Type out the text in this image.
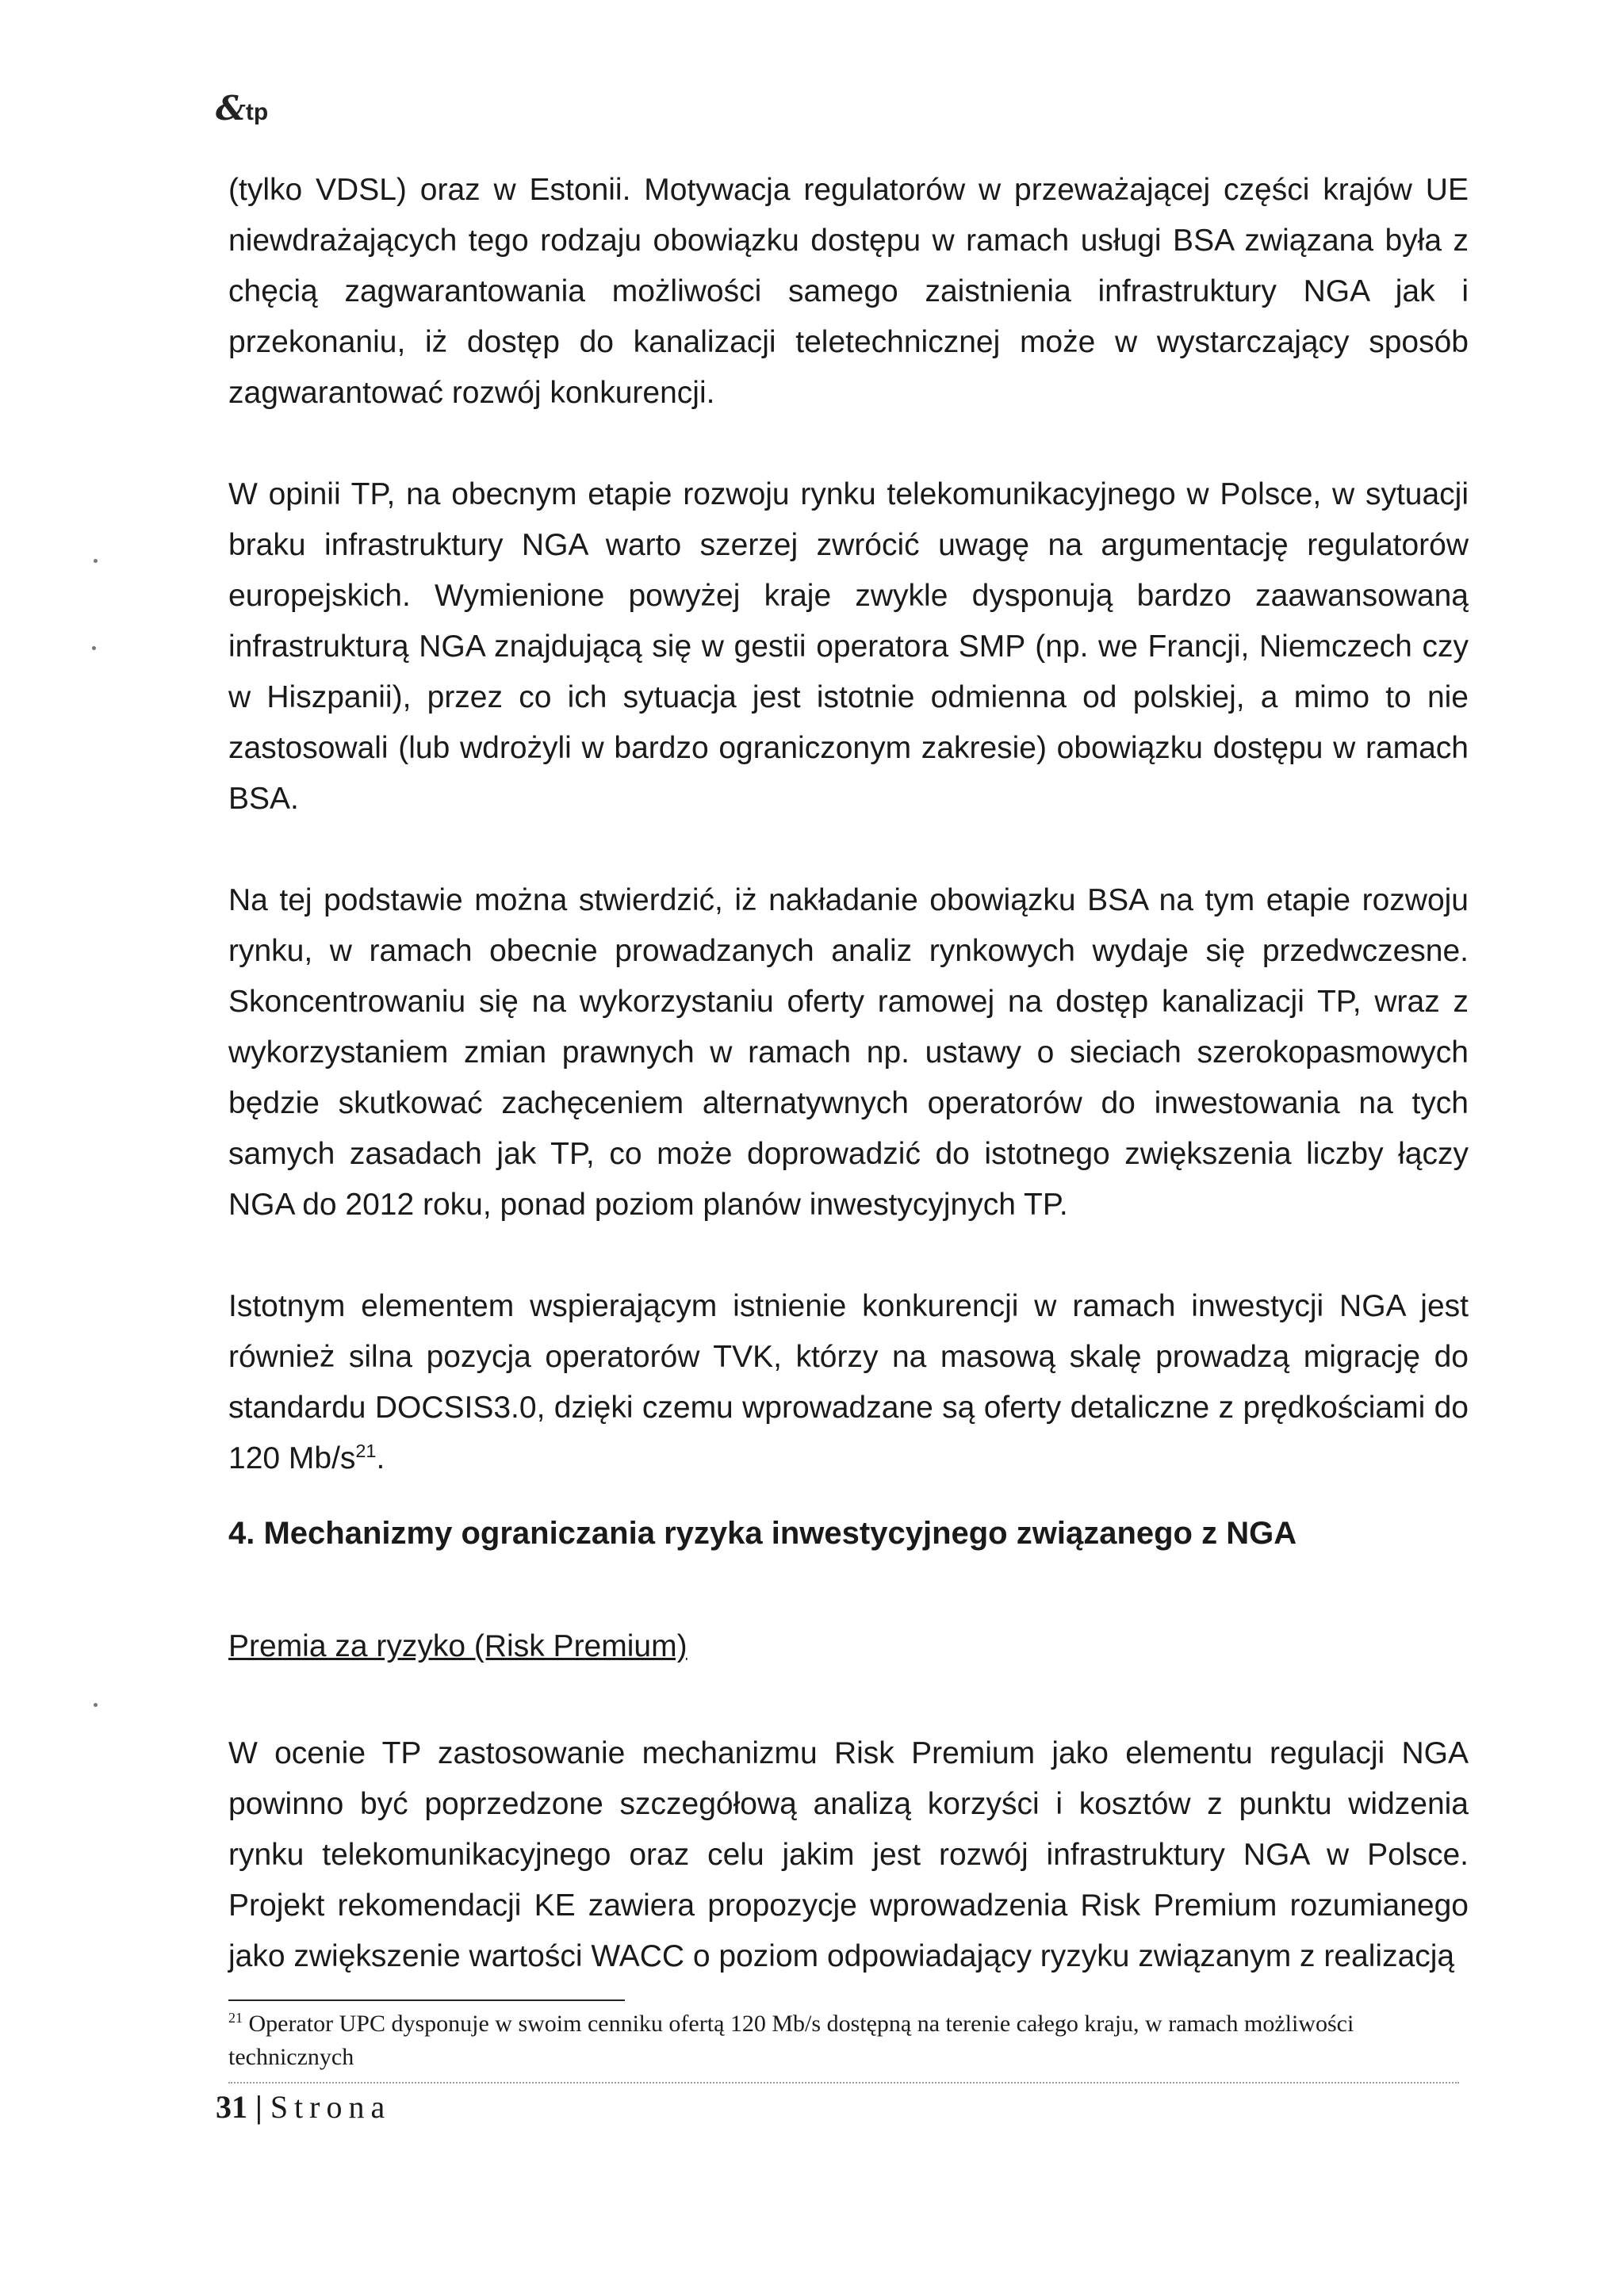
&tp

(tylko VDSL) oraz w Estonii. Motywacja regulatorów w przeważającej części krajów UE niewdrażających tego rodzaju obowiązku dostępu w ramach usługi BSA związana była z chęcią zagwarantowania możliwości samego zaistnienia infrastruktury NGA jak i przekonaniu, iż dostęp do kanalizacji teletechnicznej może w wystarczający sposób zagwarantować rozwój konkurencji.

W opinii TP, na obecnym etapie rozwoju rynku telekomunikacyjnego w Polsce, w sytuacji braku infrastruktury NGA warto szerzej zwrócić uwagę na argumentację regulatorów europejskich. Wymienione powyżej kraje zwykle dysponują bardzo zaawansowaną infrastrukturą NGA znajdującą się w gestii operatora SMP (np. we Francji, Niemczech czy w Hiszpanii), przez co ich sytuacja jest istotnie odmienna od polskiej, a mimo to nie zastosowali (lub wdrożyli w bardzo ograniczonym zakresie) obowiązku dostępu w ramach BSA.

Na tej podstawie można stwierdzić, iż nakładanie obowiązku BSA na tym etapie rozwoju rynku, w ramach obecnie prowadzanych analiz rynkowych wydaje się przedwczesne. Skoncentrowaniu się na wykorzystaniu oferty ramowej na dostęp kanalizacji TP, wraz z wykorzystaniem zmian prawnych w ramach np. ustawy o sieciach szerokopasmowych będzie skutkować zachęceniem alternatywnych operatorów do inwestowania na tych samych zasadach jak TP, co może doprowadzić do istotnego zwiększenia liczby łączy NGA do 2012 roku, ponad poziom planów inwestycyjnych TP.

Istotnym elementem wspierającym istnienie konkurencji w ramach inwestycji NGA jest również silna pozycja operatorów TVK, którzy na masową skalę prowadzą migrację do standardu DOCSIS3.0, dzięki czemu wprowadzane są oferty detaliczne z prędkościami do 120 $Mb/s^{21}$.

4. Mechanizmy ograniczania ryzyka inwestycyjnego związanego z NGA
Premia za ryzyko (Risk Premium)

W ocenie TP zastosowanie mechanizmu Risk Premium jako elementu regulacji NGA powinno być poprzedzone szczegółową analizą korzyści i kosztów z punktu widzenia rynku telekomunikacyjnego oraz celu jakim jest rozwój infrastruktury NGA w Polsce. Projekt rekomendacji KE zawiera propozycje wprowadzenia Risk Premium rozumianego jako zwiększenie wartości WACC o poziom odpowiadający ryzyku związanym z realizacją

$^{21}$ Operator UPC dysponuje w swoim cenniku ofertą 120 Mb/s dostępną na terenie całego kraju, w ramach możliwości technicznych
31 | Strona
